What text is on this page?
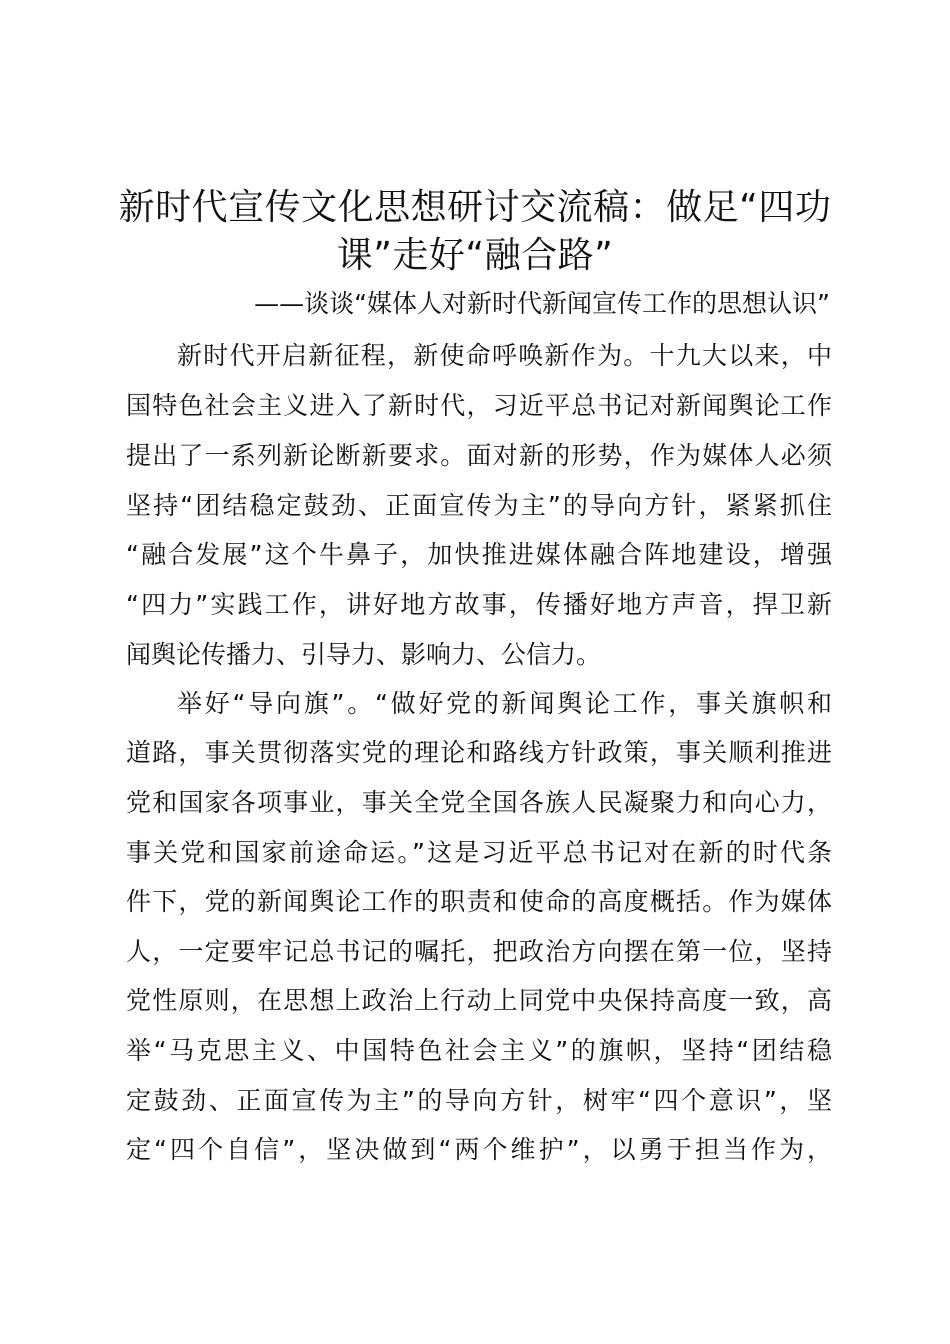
新时代宣传文化思想研讨交流稿：做足“四功
课”走好“融合路”
——谈谈“媒体人对新时代新闻宣传工作的思想认识”
新时代开启新征程，新使命呼唤新作为。十九大以来，中
国特色社会主义进入了新时代，习近平总书记对新闻舆论工作
提出了一系列新论断新要求。面对新的形势，作为媒体人必须
坚持“团结稳定鼓劲、正面宣传为主”的导向方针，紧紧抓住
“融合发展”这个牛鼻子，加快推进媒体融合阵地建设，增强
“四力”实践工作，讲好地方故事，传播好地方声音，捍卫新
闻舆论传播力、引导力、影响力、公信力。
举好“导向旗”。“做好党的新闻舆论工作，事关旗帜和
道路，事关贯彻落实党的理论和路线方针政策，事关顺利推进
党和国家各项事业，事关全党全国各族人民凝聚力和向心力，
事关党和国家前途命运。”这是习近平总书记对在新的时代条
件下，党的新闻舆论工作的职责和使命的高度概括。作为媒体
人，一定要牢记总书记的嘱托，把政治方向摆在第一位，坚持
党性原则，在思想上政治上行动上同党中央保持高度一致，高
举“马克思主义、中国特色社会主义”的旗帜，坚持“团结稳
定鼓劲、正面宣传为主”的导向方针，树牢“四个意识”，坚
定“四个自信”，坚决做到“两个维护”，以勇于担当作为，
